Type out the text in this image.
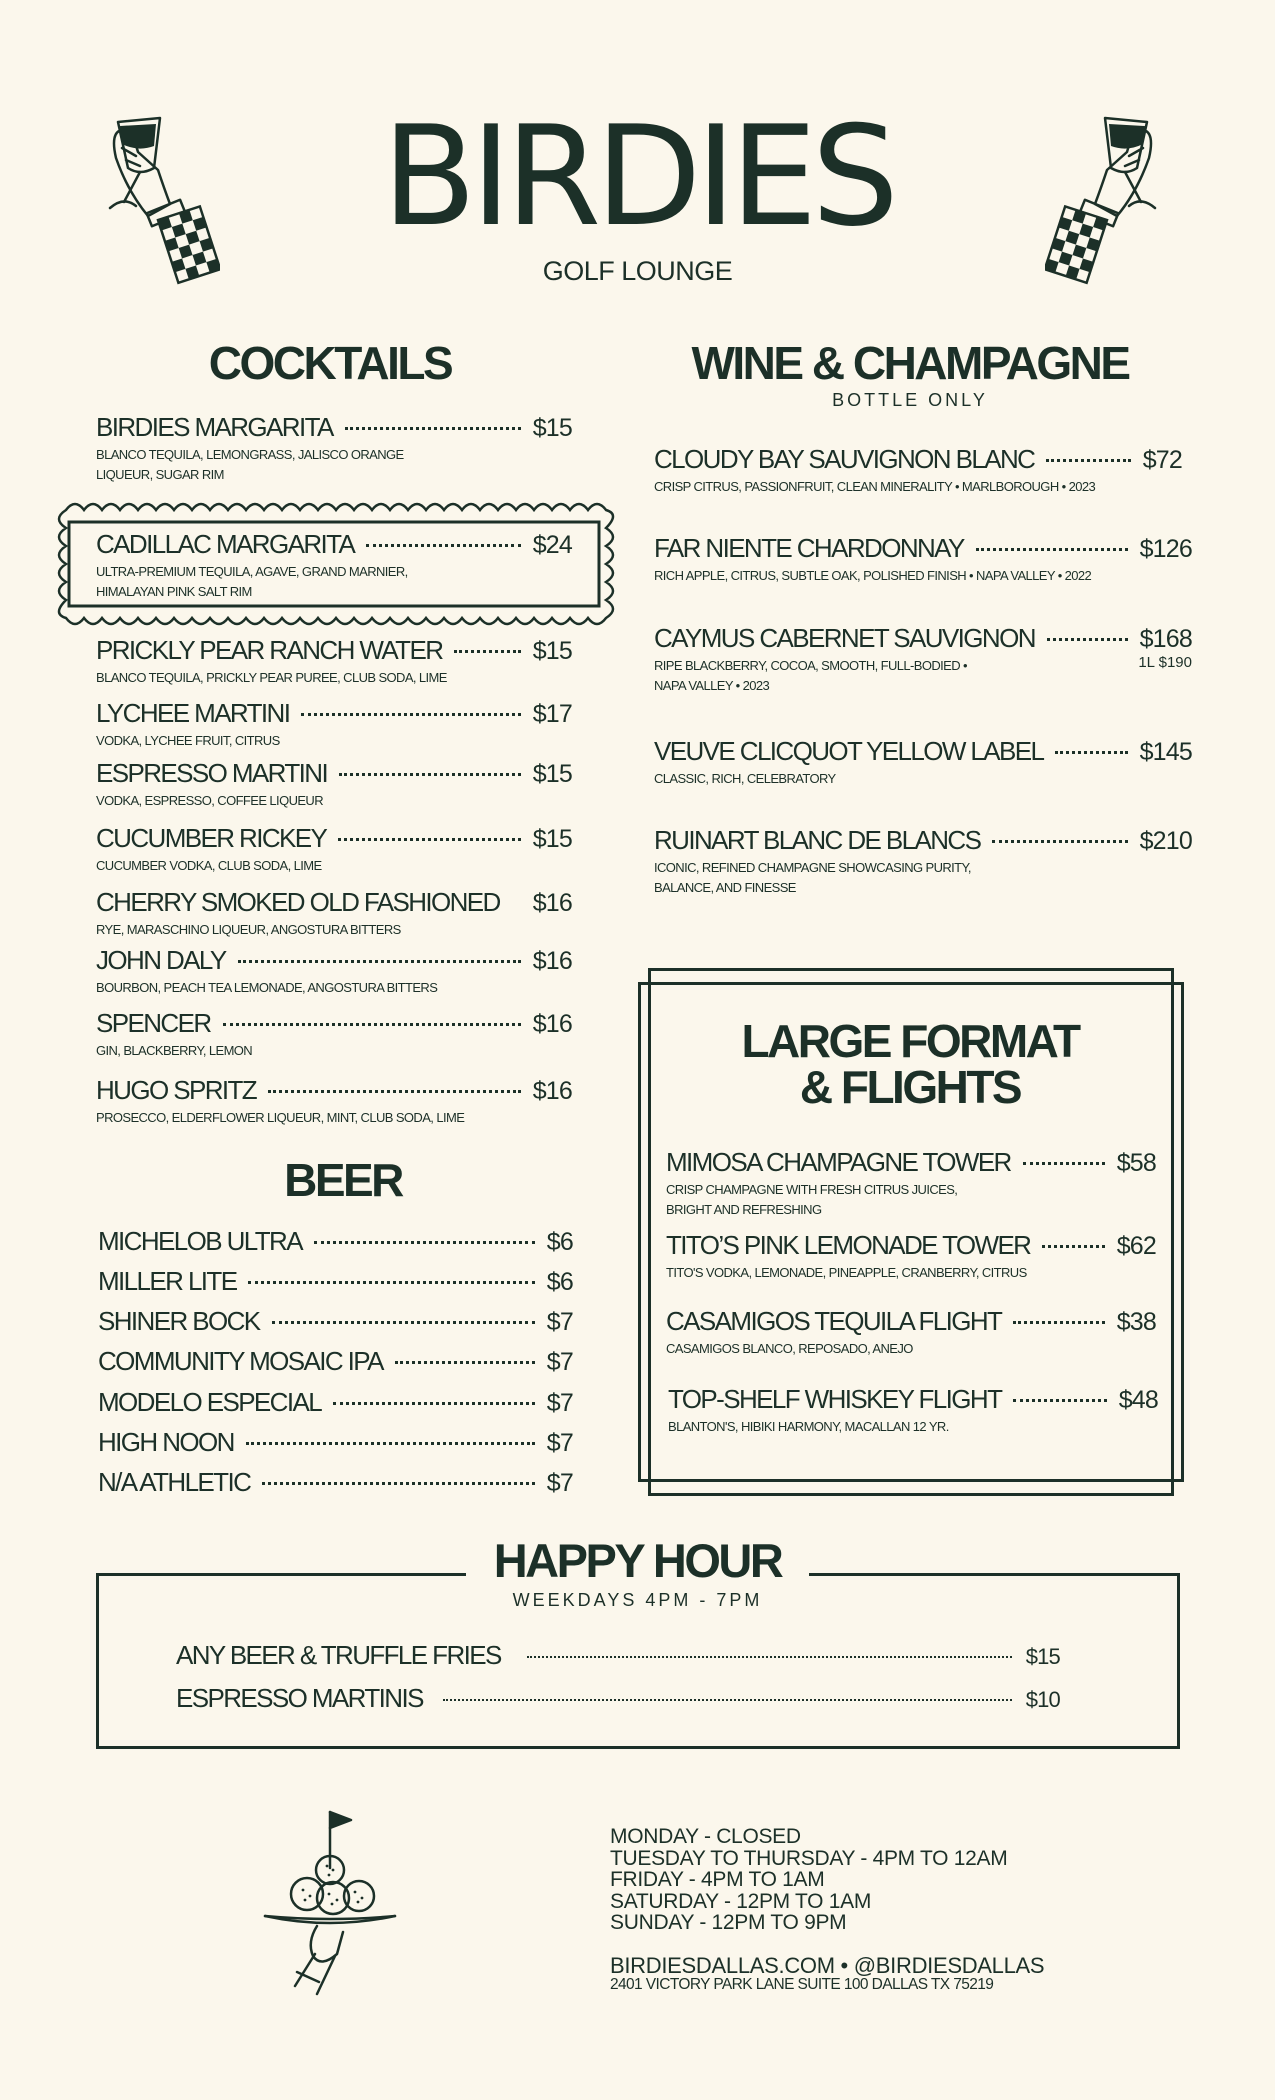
BIRDIES
GOLF LOUNGE
COCKTAILS
BIRDIES MARGARITA	$15
BLANCO TEQUILA, LEMONGRASS, JALISCO ORANGE LIQUEUR, SUGAR RIM
CADILLAC MARGARITA	$24
ULTRA-PREMIUM TEQUILA, AGAVE, GRAND MARNIER, HIMALAYAN PINK SALT RIM
PRICKLY PEAR RANCH WATER	$15
BLANCO TEQUILA, PRICKLY PEAR PUREE, CLUB SODA, LIME
LYCHEE MARTINI	$17
VODKA, LYCHEE FRUIT, CITRUS
ESPRESSO MARTINI	$15
VODKA, ESPRESSO, COFFEE LIQUEUR
CUCUMBER RICKEY	$15
CUCUMBER VODKA, CLUB SODA, LIME
CHERRY SMOKED OLD FASHIONED $16
RYE, MARASCHINO LIQUEUR, ANGOSTURA BITTERS
JOHN DALY	$16
BOURBON, PEACH TEA LEMONADE, ANGOSTURA BITTERS
SPENCER	$16
GIN, BLACKBERRY, LEMON
HUGO SPRITZ	$16
PROSECCO, ELDERFLOWER LIQUEUR, MINT, CLUB SODA, LIME
BEER
MICHELOB ULTRA	$6
MILLER LITE	$6
SHINER BOCK	$7
COMMUNITY MOSAIC IPA	$7
MODELO ESPECIAL	$7
HIGH NOON	$7
N/A ATHLETIC	$7
WINE & CHAMPAGNE
BOTTLE ONLY
CLOUDY BAY SAUVIGNON BLANC	$72
CRISP CITRUS, PASSIONFRUIT, CLEAN MINERALITY • MARLBOROUGH • 2023
FAR NIENTE CHARDONNAY	$126
RICH APPLE, CITRUS, SUBTLE OAK, POLISHED FINISH • NAPA VALLEY • 2022
CAYMUS CABERNET SAUVIGNON	$168
RIPE BLACKBERRY, COCOA, SMOOTH, FULL-BODIED • NAPA VALLEY • 2023
1L $190
VEUVE CLICQUOT YELLOW LABEL	$145
CLASSIC, RICH, CELEBRATORY
RUINART BLANC DE BLANCS	$210
ICONIC, REFINED CHAMPAGNE SHOWCASING PURITY, BALANCE, AND FINESSE
LARGE FORMAT
& FLIGHTS
MIMOSA CHAMPAGNE TOWER	$58
CRISP CHAMPAGNE WITH FRESH CITRUS JUICES, BRIGHT AND REFRESHING
TITO’S PINK LEMONADE TOWER	$62
TITO'S VODKA, LEMONADE, PINEAPPLE, CRANBERRY, CITRUS
CASAMIGOS TEQUILA FLIGHT	$38
CASAMIGOS BLANCO, REPOSADO, ANEJO
TOP-SHELF WHISKEY FLIGHT	$48
BLANTON'S, HIBIKI HARMONY, MACALLAN 12 YR.
HAPPY HOUR
WEEKDAYS 4PM - 7PM
ANY BEER & TRUFFLE FRIES	$15
ESPRESSO MARTINIS	$10
MONDAY - CLOSED
TUESDAY TO THURSDAY - 4PM TO 12AM
FRIDAY - 4PM TO 1AM
SATURDAY - 12PM TO 1AM
SUNDAY - 12PM TO 9PM
BIRDIESDALLAS.COM • @BIRDIESDALLAS
2401 VICTORY PARK LANE SUITE 100 DALLAS TX 75219
